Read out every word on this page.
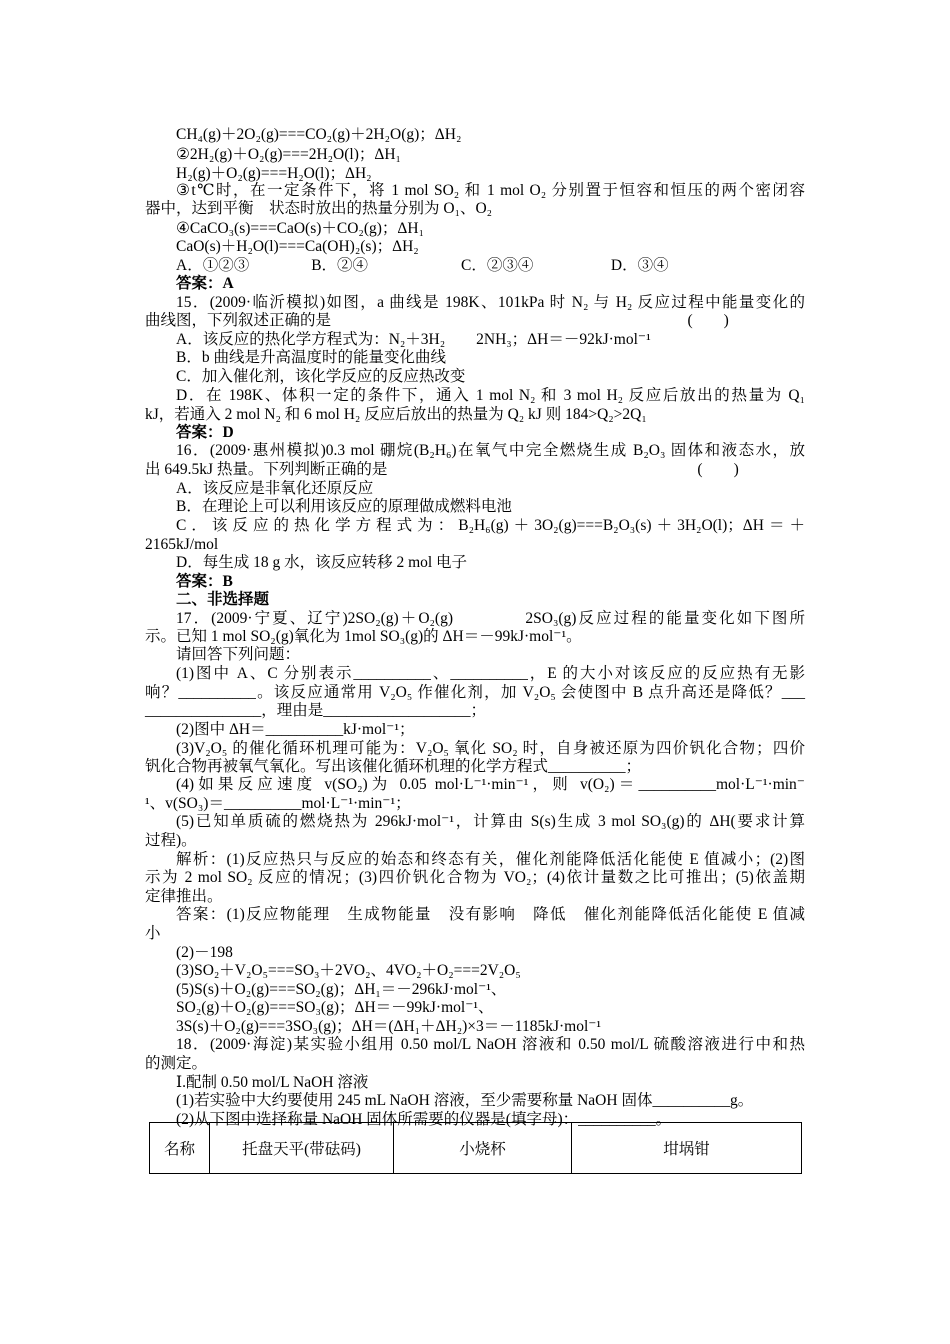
CH₄(g)＋2O₂(g)===CO₂(g)＋2H₂O(g)；ΔH₂
②2H₂(g)＋O₂(g)===2H₂O(l)；ΔH₁
H₂(g)＋O₂(g)===H₂O(l)；ΔH₂
③t℃时，在一定条件下，将 1 mol SO₂ 和 1 mol O₂ 分别置于恒容和恒压的两个密闭容
器中，达到平衡　状态时放出的热量分别为 O₁、O₂
④CaCO₃(s)===CaO(s)＋CO₂(g)；ΔH₁
CaO(s)＋H₂O(l)===Ca(OH)₂(s)；ΔH₂
A．①②③　　　　B．②④　　　　　　C．②③④　　　　　D．③④
答案：A
15．(2009·临沂模拟)如图，a 曲线是 198K、101kPa 时 N₂ 与 H₂ 反应过程中能量变化的
曲线图，下列叙述正确的是　　　　　　　　　　　　　　　　　　　　　　　(　　)
A．该反应的热化学方程式为：N₂＋3H₂　　2NH₃；ΔH＝－92kJ·mol⁻¹
B．b 曲线是升高温度时的能量变化曲线
C．加入催化剂，该化学反应的反应热改变
D．在 198K、体积一定的条件下，通入 1 mol N₂ 和 3 mol H₂ 反应后放出的热量为 Q₁
kJ，若通入 2 mol N₂ 和 6 mol H₂ 反应后放出的热量为 Q₂ kJ 则 184>Q₂>2Q₁
答案：D
16．(2009·惠州模拟)0.3 mol 硼烷(B₂H₆)在氧气中完全燃烧生成 B₂O₃ 固体和液态水，放
出 649.5kJ 热量。下列判断正确的是　　　　　　　　　　　　　　　　　　　　(　　)
A．该反应是非氧化还原反应
B．在理论上可以利用该反应的原理做成燃料电池
C．该反应的热化学方程式为：B₂H₆(g)＋3O₂(g)===B₂O₃(s)＋3H₂O(l)；ΔH＝＋
2165kJ/mol
D．每生成 18 g 水，该反应转移 2 mol 电子
答案：B
二、非选择题
17．(2009·宁夏、辽宁)2SO₂(g)＋O₂(g)　　　　2SO₃(g)反应过程的能量变化如下图所
示。已知 1 mol SO₂(g)氧化为 1mol SO₃(g)的 ΔH＝－99kJ·mol⁻¹。
请回答下列问题：
(1)图中 A、C 分别表示__________、__________，E 的大小对该反应的反应热有无影
响？__________。该反应通常用 V₂O₅ 作催化剂，加 V₂O₅ 会使图中 B 点升高还是降低？___
_______________，理由是___________________；
(2)图中 ΔH＝__________kJ·mol⁻¹；
(3)V₂O₅ 的催化循环机理可能为：V₂O₅ 氧化 SO₂ 时，自身被还原为四价钒化合物；四价
钒化合物再被氧气氧化。写出该催化循环机理的化学方程式__________；
(4)如果反应速度 v(SO₂)为 0.05 mol·L⁻¹·min⁻¹，则 v(O₂)＝__________mol·L⁻¹·min⁻
¹、v(SO₃)＝__________mol·L⁻¹·min⁻¹；
(5)已知单质硫的燃烧热为 296kJ·mol⁻¹，计算由 S(s)生成 3 mol SO₃(g)的 ΔH(要求计算
过程)。
解析：(1)反应热只与反应的始态和终态有关，催化剂能降低活化能使 E 值减小；(2)图
示为 2 mol SO₂ 反应的情况；(3)四价钒化合物为 VO₂；(4)依计量数之比可推出；(5)依盖期
定律推出。
答案：(1)反应物能理　生成物能量　没有影响　降低　催化剂能降低活化能使 E 值减
小
(2)－198
(3)SO₂＋V₂O₅===SO₃＋2VO₂、4VO₂＋O₂===2V₂O₅
(5)S(s)＋O₂(g)===SO₂(g)；ΔH₁＝－296kJ·mol⁻¹、
SO₂(g)＋O₂(g)===SO₃(g)；ΔH＝－99kJ·mol⁻¹、
3S(s)＋O₂(g)===3SO₃(g)；ΔH＝(ΔH₁＋ΔH₂)×3＝－1185kJ·mol⁻¹
18．(2009·海淀)某实验小组用 0.50 mol/L NaOH 溶液和 0.50 mol/L 硫酸溶液进行中和热
的测定。
Ⅰ.配制 0.50 mol/L NaOH 溶液
(1)若实验中大约要使用 245 mL NaOH 溶液，至少需要称量 NaOH 固体__________g。
(2)从下图中选择称量 NaOH 固体所需要的仪器是(填字母)：__________。
名称	托盘天平(带砝码)	小烧杯	坩埚钳
